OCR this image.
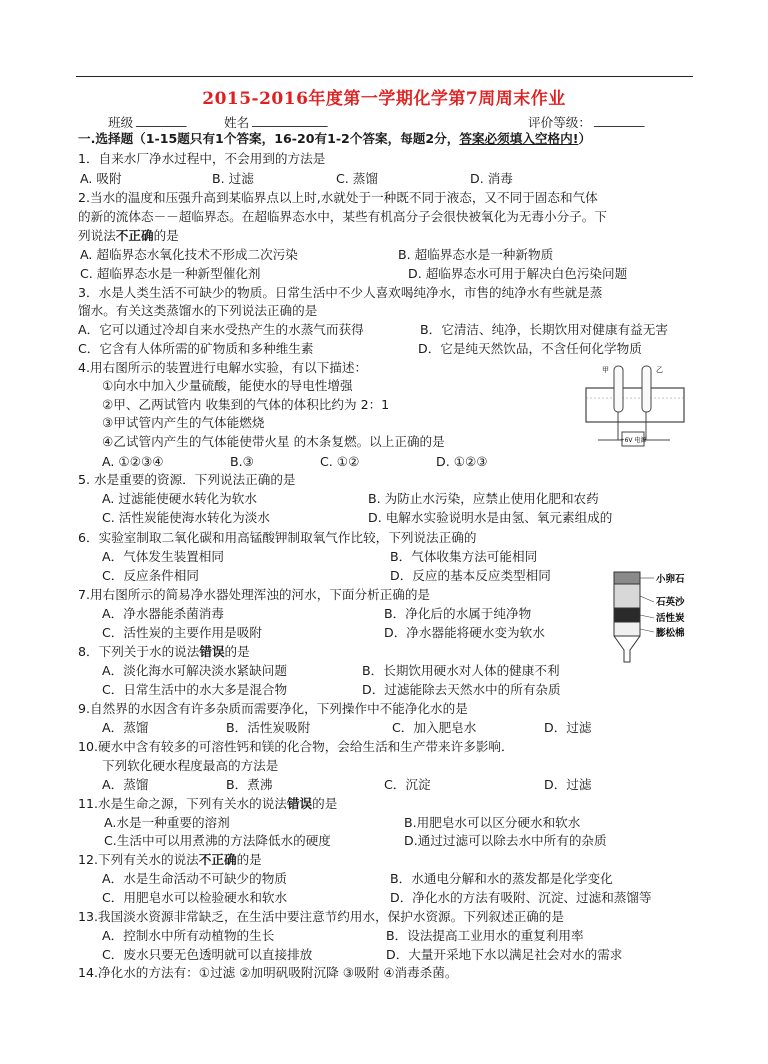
2015-2016年度第一学期化学第7周周末作业
班级 ________	姓名 ____________	评价等级： ________
一.选择题（1-15题只有1个答案，16-20有1-2个答案，每题2分，答案必须填入空格内!）
1．自来水厂净水过程中，不会用到的方法是
A. 吸附	B. 过滤	C. 蒸馏	D. 消毒
2.当水的温度和压强升高到某临界点以上时,水就处于一种既不同于液态，又不同于固态和气体
的新的流体态－－超临界态。在超临界态水中，某些有机高分子会很快被氧化为无毒小分子。下
列说法不正确的是
A. 超临界态水氧化技术不形成二次污染	B. 超临界态水是一种新物质
C. 超临界态水是一种新型催化剂	D. 超临界态水可用于解决白色污染问题
3．水是人类生活不可缺少的物质。日常生活中不少人喜欢喝纯净水，市售的纯净水有些就是蒸
馏水。有关这类蒸馏水的下列说法正确的是
A．它可以通过冷却自来水受热产生的水蒸气而获得	B．它清洁、纯净，长期饮用对健康有益无害
C．它含有人体所需的矿物质和多种维生素	D．它是纯天然饮品，不含任何化学物质
4.用右图所示的装置进行电解水实验，有以下描述：
①向水中加入少量硫酸，能使水的导电性增强
②甲、乙两试管内 收集到的气体的体积比约为 2：1
③甲试管内产生的气体能燃烧
④乙试管内产生的气体能使带火星 的木条复燃。以上正确的是
A. ①②③④	B.③	C. ①②	D. ①②③
+6V 电源
甲	乙
5. 水是重要的资源．下列说法正确的是
A. 过滤能使硬水转化为软水	B. 为防止水污染，应禁止使用化肥和农药
C. 活性炭能使海水转化为淡水	D. 电解水实验说明水是由氢、氧元素组成的
6．实验室制取二氧化碳和用高锰酸钾制取氧气作比较，下列说法正确的
A．气体发生装置相同	B．气体收集方法可能相同
C．反应条件相同	D．反应的基本反应类型相同	小卵石
石英沙
活性炭
膨松棉
7.用右图所示的简易净水器处理浑浊的河水，下面分析正确的是
A．净水器能杀菌消毒	B．净化后的水属于纯净物
C．活性炭的主要作用是吸附	D．净水器能将硬水变为软水
8．下列关于水的说法错误的是
A．淡化海水可解决淡水紧缺问题	B．长期饮用硬水对人体的健康不利
C．日常生活中的水大多是混合物	D．过滤能除去天然水中的所有杂质
9.自然界的水因含有许多杂质而需要净化，下列操作中不能净化水的是
A．蒸馏	B．活性炭吸附	C．加入肥皂水	D．过滤
10.硬水中含有较多的可溶性钙和镁的化合物，会给生活和生产带来许多影响．
下列软化硬水程度最高的方法是
A．蒸馏	B．煮沸	C．沉淀	D．过滤
11.水是生命之源，下列有关水的说法错误的是
A.水是一种重要的溶剂	B.用肥皂水可以区分硬水和软水
C.生活中可以用煮沸的方法降低水的硬度	D.通过过滤可以除去水中所有的杂质
12.下列有关水的说法不正确的是
A．水是生命活动不可缺少的物质	B．水通电分解和水的蒸发都是化学变化
C．用肥皂水可以检验硬水和软水	D．净化水的方法有吸附、沉淀、过滤和蒸馏等
13.我国淡水资源非常缺乏，在生活中要注意节约用水，保护水资源。下列叙述正确的是
A．控制水中所有动植物的生长	B．设法提高工业用水的重复利用率
C．废水只要无色透明就可以直接排放	D．大量开采地下水以满足社会对水的需求
14.净化水的方法有：①过滤 ②加明矾吸附沉降 ③吸附 ④消毒杀菌。
